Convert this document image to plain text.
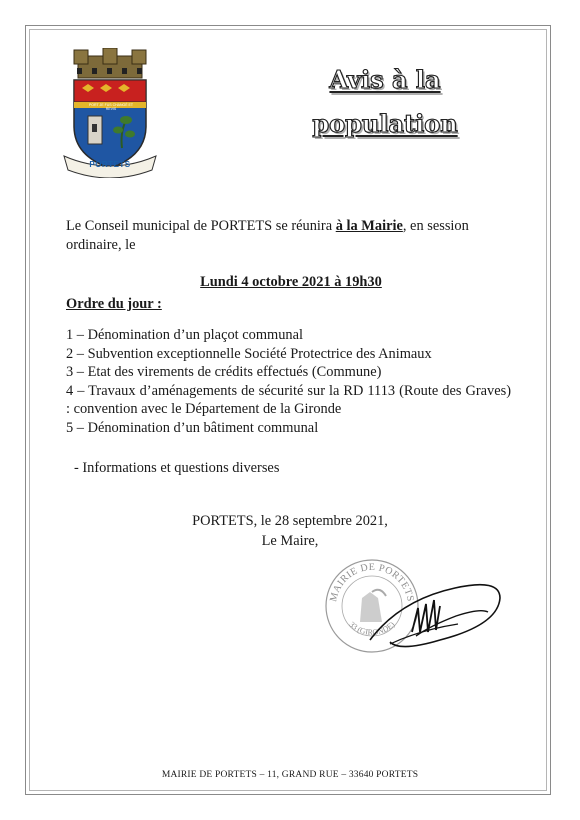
PORT JE FUS CHANGÉ ET REVIS
PORTETS
Avis à la
population
Le Conseil municipal de PORTETS se réunira à la Mairie, en session ordinaire, le
Lundi 4 octobre 2021 à 19h30
Ordre du jour :
1 – Dénomination d’un plaçot communal
2 – Subvention exceptionnelle Société Protectrice des Animaux
3 – Etat des virements de crédits effectués (Commune)
4 – Travaux d’aménagements de sécurité sur la RD 1113 (Route des Graves) : convention avec le Département de la Gironde
5 – Dénomination d’un bâtiment communal
- Informations et questions diverses
PORTETS, le 28 septembre 2021,
Le Maire,
MAIRIE DE PORTETS
33 (GIRONDE)
MAIRIE DE PORTETS – 11, GRAND RUE – 33640 PORTETS
